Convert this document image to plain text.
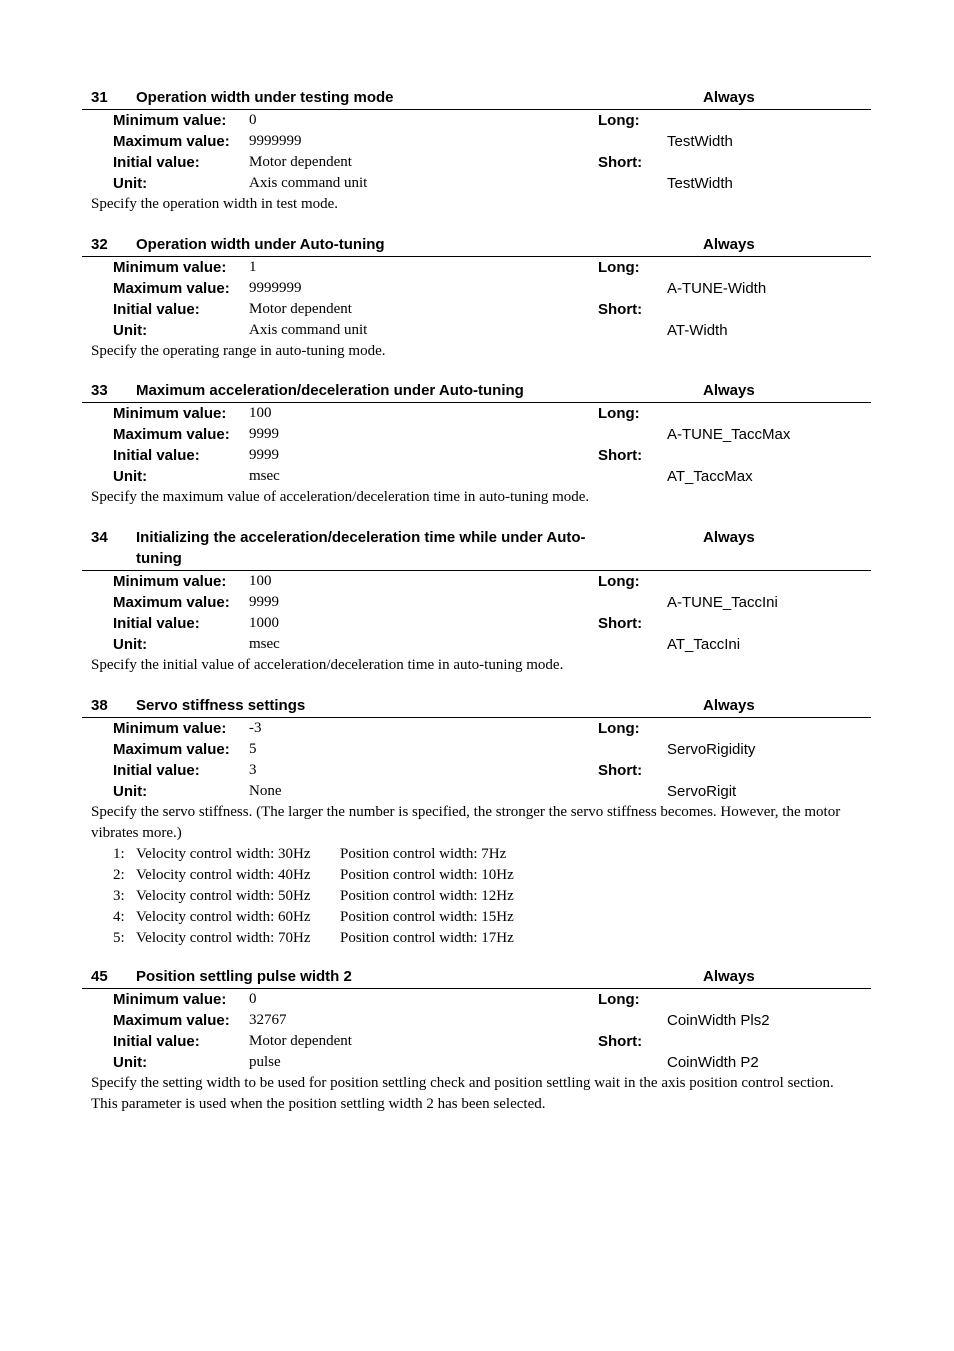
31 Operation width under testing mode	Always
Minimum value: 0	Long:
Maximum value: 9999999	TestWidth
Initial value:	Motor dependent	Short:
Unit:	Axis command unit	TestWidth
Specify the operation width in test mode.
32 Operation width under Auto-tuning	Always
Minimum value: 1	Long:
Maximum value: 9999999	A-TUNE-Width
Initial value:	Motor dependent	Short:
Unit:	Axis command unit	AT-Width
Specify the operating range in auto-tuning mode.
33 Maximum acceleration/deceleration under Auto-tuning	Always
Minimum value: 100	Long:
Maximum value: 9999	A-TUNE_TaccMax
Initial value:	9999	Short:
Unit:	msec	AT_TaccMax
Specify the maximum value of acceleration/deceleration time in auto-tuning mode.
34 Initializing the acceleration/deceleration time while under Auto-tuning
Always
Minimum value: 100	Long:
Maximum value: 9999	A-TUNE_TaccIni
Initial value:	1000	Short:
Unit:	msec	AT_TaccIni
Specify the initial value of acceleration/deceleration time in auto-tuning mode.
38 Servo stiffness settings	Always
Minimum value: -3	Long:
Maximum value: 5	ServoRigidity
Initial value:	3	Short:
Unit:	None	ServoRigit
Specify the servo stiffness. (The larger the number is specified, the stronger the servo stiffness becomes. However, the motor vibrates more.)
1: Velocity control width: 30Hz Position control width: 7Hz
2: Velocity control width: 40Hz Position control width: 10Hz
3: Velocity control width: 50Hz Position control width: 12Hz
4: Velocity control width: 60Hz Position control width: 15Hz
5: Velocity control width: 70Hz Position control width: 17Hz
45 Position settling pulse width 2	Always
Minimum value: 0	Long:
Maximum value: 32767	CoinWidth Pls2
Initial value:	Motor dependent	Short:
Unit:	pulse	CoinWidth P2
Specify the setting width to be used for position settling check and position settling wait in the axis position control section.
This parameter is used when the position settling width 2 has been selected.
